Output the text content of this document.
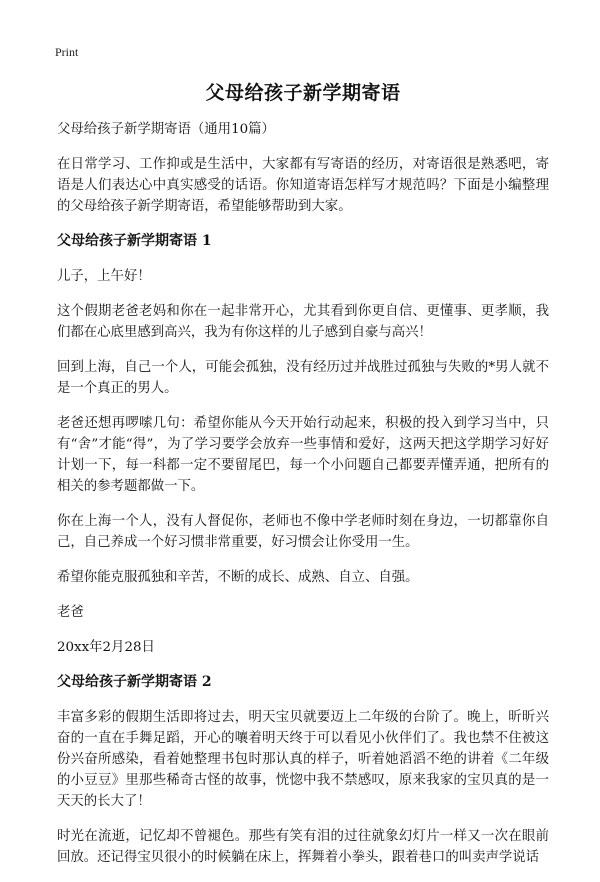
Print
父母给孩子新学期寄语

父母给孩子新学期寄语（通用10篇）

在日常学习、工作抑或是生活中，大家都有写寄语的经历，对寄语很是熟悉吧，寄语是人们表达心中真实感受的话语。你知道寄语怎样写才规范吗？下面是小编整理的父母给孩子新学期寄语，希望能够帮助到大家。

父母给孩子新学期寄语 1

儿子，上午好！

这个假期老爸老妈和你在一起非常开心，尤其看到你更自信、更懂事、更孝顺，我们都在心底里感到高兴，我为有你这样的儿子感到自豪与高兴！

回到上海，自己一个人，可能会孤独，没有经历过并战胜过孤独与失败的*男人就不是一个真正的男人。

老爸还想再啰嗦几句：希望你能从今天开始行动起来，积极的投入到学习当中，只有“舍”才能“得”，为了学习要学会放弃一些事情和爱好，这两天把这学期学习好好计划一下，每一科都一定不要留尾巴，每一个小问题自己都要弄懂弄通，把所有的相关的参考题都做一下。

你在上海一个人，没有人督促你，老师也不像中学老师时刻在身边，一切都靠你自己，自己养成一个好习惯非常重要，好习惯会让你受用一生。

希望你能克服孤独和辛苦，不断的成长、成熟、自立、自强。

老爸

20xx年2月28日

父母给孩子新学期寄语 2

丰富多彩的假期生活即将过去，明天宝贝就要迈上二年级的台阶了。晚上，昕昕兴奋的一直在手舞足蹈，开心的嚷着明天终于可以看见小伙伴们了。我也禁不住被这份兴奋所感染，看着她整理书包时那认真的样子，听着她滔滔不绝的讲着《二年级的小豆豆》里那些稀奇古怪的故事，恍惚中我不禁感叹，原来我家的宝贝真的是一天天的长大了！

时光在流逝，记忆却不曾褪色。那些有笑有泪的过往就象幻灯片一样又一次在眼前回放。还记得宝贝很小的时候躺在床上，挥舞着小拳头，跟着巷口的叫卖声学说话
